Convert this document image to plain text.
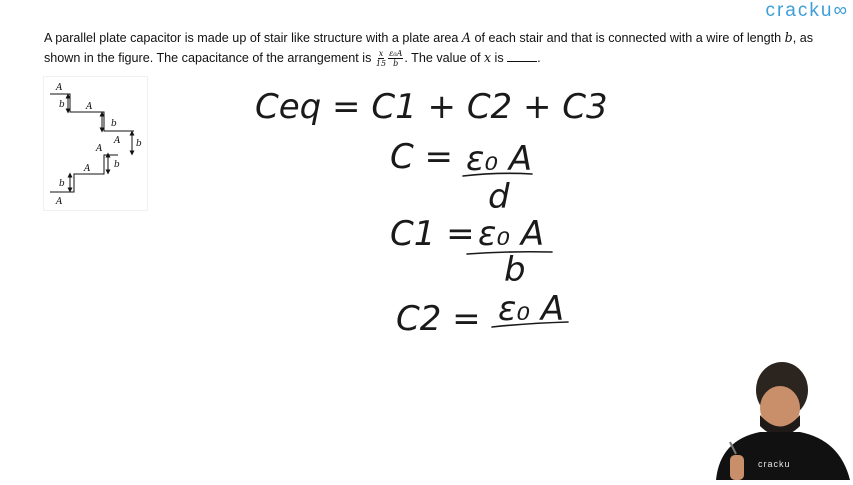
cracku∞
A parallel plate capacitor is made up of stair like structure with a plate area A of each stair and that is connected with a wire of length b, as shown in the figure. The capacitance of the arrangement is $\frac{x}{15} \frac{\text{ε₀A}}{b}$ . The value of x is	.
A
b A
b
A b
A
b
A
b
A
Ceq = C1 + C2 + C3
C = ε₀ A
d
C1 = ε₀ A
b
C2 = ε₀ A
cracku
